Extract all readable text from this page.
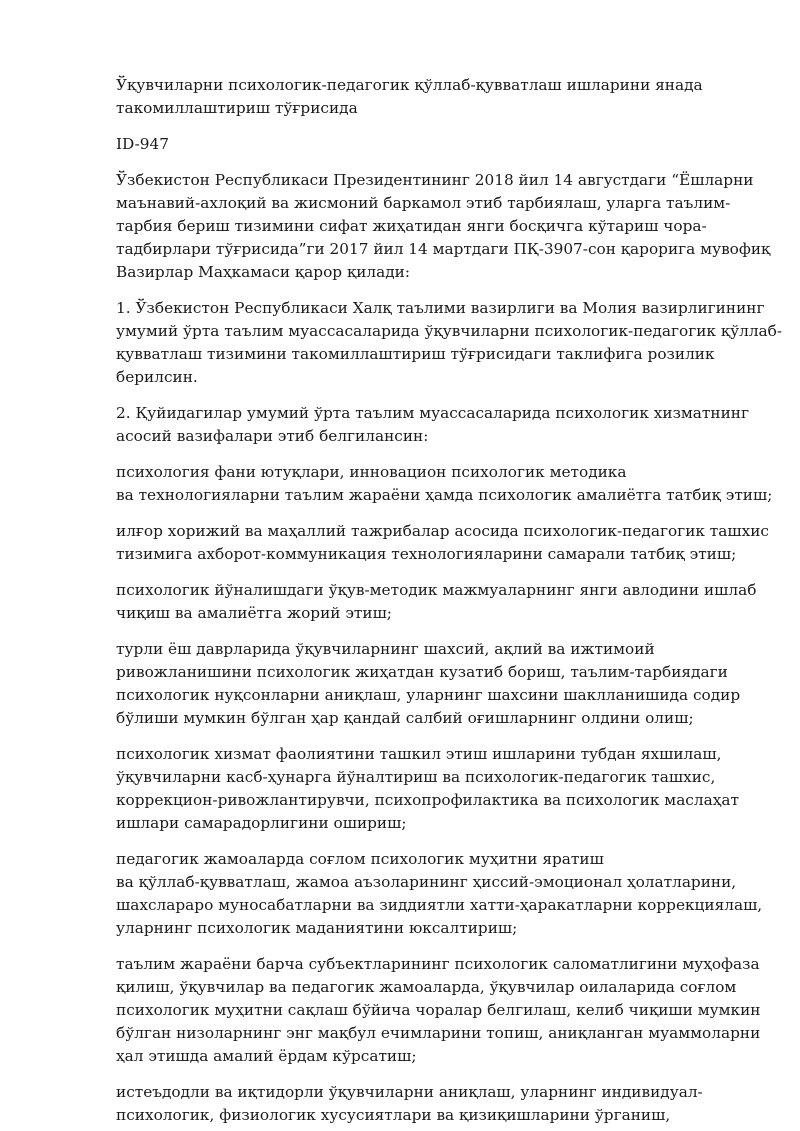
Ўқувчиларни психологик-педагогик қўллаб-қувватлаш ишларини янада
такомиллаштириш тўғрисида
ID-947
Ўзбекистон Республикаси Президентининг 2018 йил 14 августдаги “Ёшларни
маънавий-ахлоқий ва жисмоний баркамол этиб тарбиялаш, уларга таълим-
тарбия бериш тизимини сифат жиҳатидан янги босқичга кўтариш чора-
тадбирлари тўғрисида”ги 2017 йил 14 мартдаги ПҚ-3907-сон қарорига мувофиқ
Вазирлар Маҳкамаси қарор қилади:
1. Ўзбекистон Республикаси Халқ таълими вазирлиги ва Молия вазирлигининг
умумий ўрта таълим муассасаларида ўқувчиларни психологик-педагогик қўллаб-
қувватлаш тизимини такомиллаштириш тўғрисидаги таклифига розилик
берилсин.
2. Қуйидагилар умумий ўрта таълим муассасаларида психологик хизматнинг
асосий вазифалари этиб белгилансин:
психология фани ютуқлари, инновацион психологик методика
ва технологияларни таълим жараёни ҳамда психологик амалиётга татбиқ этиш;
илғор хорижий ва маҳаллий тажрибалар асосида психологик-педагогик ташхис
тизимига ахборот-коммуникация технологияларини самарали татбиқ этиш;
психологик йўналишдаги ўқув-методик мажмуаларнинг янги авлодини ишлаб
чиқиш ва амалиётга жорий этиш;
турли ёш даврларида ўқувчиларнинг шахсий, ақлий ва ижтимоий
ривожланишини психологик жиҳатдан кузатиб бориш, таълим-тарбиядаги
психологик нуқсонларни аниқлаш, уларнинг шахсини шаклланишида содир
бўлиши мумкин бўлган ҳар қандай салбий оғишларнинг олдини олиш;
психологик хизмат фаолиятини ташкил этиш ишларини тубдан яхшилаш,
ўқувчиларни касб-ҳунарга йўналтириш ва психологик-педагогик ташхис,
коррекцион-ривожлантирувчи, психопрофилактика ва психологик маслаҳат
ишлари самарадорлигини ошириш;
педагогик жамоаларда соғлом психологик муҳитни яратиш
ва қўллаб-қувватлаш, жамоа аъзоларининг ҳиссий-эмоционал ҳолатларини,
шахслараро муносабатларни ва зиддиятли хатти-ҳаракатларни коррекциялаш,
уларнинг психологик маданиятини юксалтириш;
таълим жараёни барча субъектларининг психологик саломатлигини муҳофаза
қилиш, ўқувчилар ва педагогик жамоаларда, ўқувчилар оилаларида соғлом
психологик муҳитни сақлаш бўйича чоралар белгилаш, келиб чиқиши мумкин
бўлган низоларнинг энг мақбул ечимларини топиш, аниқланган муаммоларни
ҳал этишда амалий ёрдам кўрсатиш;
истеъдодли ва иқтидорли ўқувчиларни аниқлаш, уларнинг индивидуал-
психологик, физиологик хусусиятлари ва қизиқишларини ўрганиш,
